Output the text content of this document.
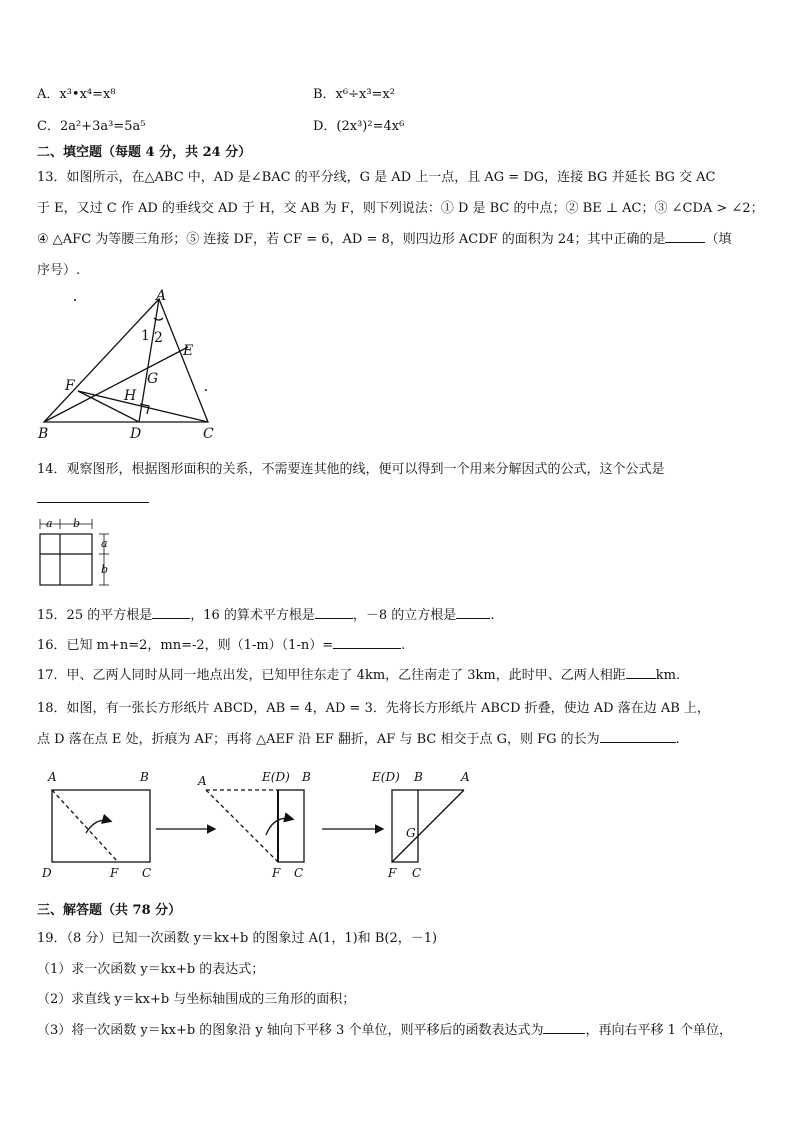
A．x³•x⁴=x⁸	B．x⁶÷x³=x²
C．2a²+3a³=5a⁵	D．(2x³)²=4x⁶
二、填空题（每题 4 分，共 24 分）
13．如图所示，在△ABC 中，AD 是∠BAC 的平分线，G 是 AD 上一点，且 AG = DG，连接 BG 并延长 BG 交 AC
于 E，又过 C 作 AD 的垂线交 AD 于 H，交 AB 为 F，则下列说法：① D 是 BC 的中点；② BE ⊥ AC；③ ∠CDA > ∠2；
④ △AFC 为等腰三角形；⑤ 连接 DF，若 CF = 6，AD = 8，则四边形 ACDF 的面积为 24；其中正确的是	（填
序号）.
A
B	C
D
E
F	G
H
1 2
14．观察图形，根据图形面积的关系，不需要连其他的线，便可以得到一个用来分解因式的公式，这个公式是
a b
a
b
15．25 的平方根是	，16 的算术平方根是	，－8 的立方根是	.
16．已知 m+n=2，mn=-2，则（1-m）（1-n）=	.
17．甲、乙两人同时从同一地点出发，已知甲往东走了 4km，乙往南走了 3km，此时甲、乙两人相距 km.
18．如图，有一张长方形纸片 ABCD，AB = 4，AD = 3．先将长方形纸片 ABCD 折叠，使边 AD 落在边 AB 上，
点 D 落在点 E 处，折痕为 AF；再将 △AEF 沿 EF 翻折，AF 与 BC 相交于点 G，则 FG 的长为	.
A	B
D	F C
A	E(D) B
F C
E(D) B	A
G
F C
三、解答题（共 78 分）
19．（8 分）已知一次函数 y＝kx+b 的图象过 A(1，1)和 B(2，－1)
（1）求一次函数 y＝kx+b 的表达式；
（2）求直线 y＝kx+b 与坐标轴围成的三角形的面积；
（3）将一次函数 y＝kx+b 的图象沿 y 轴向下平移 3 个单位，则平移后的函数表达式为	，再向右平移 1 个单位，
